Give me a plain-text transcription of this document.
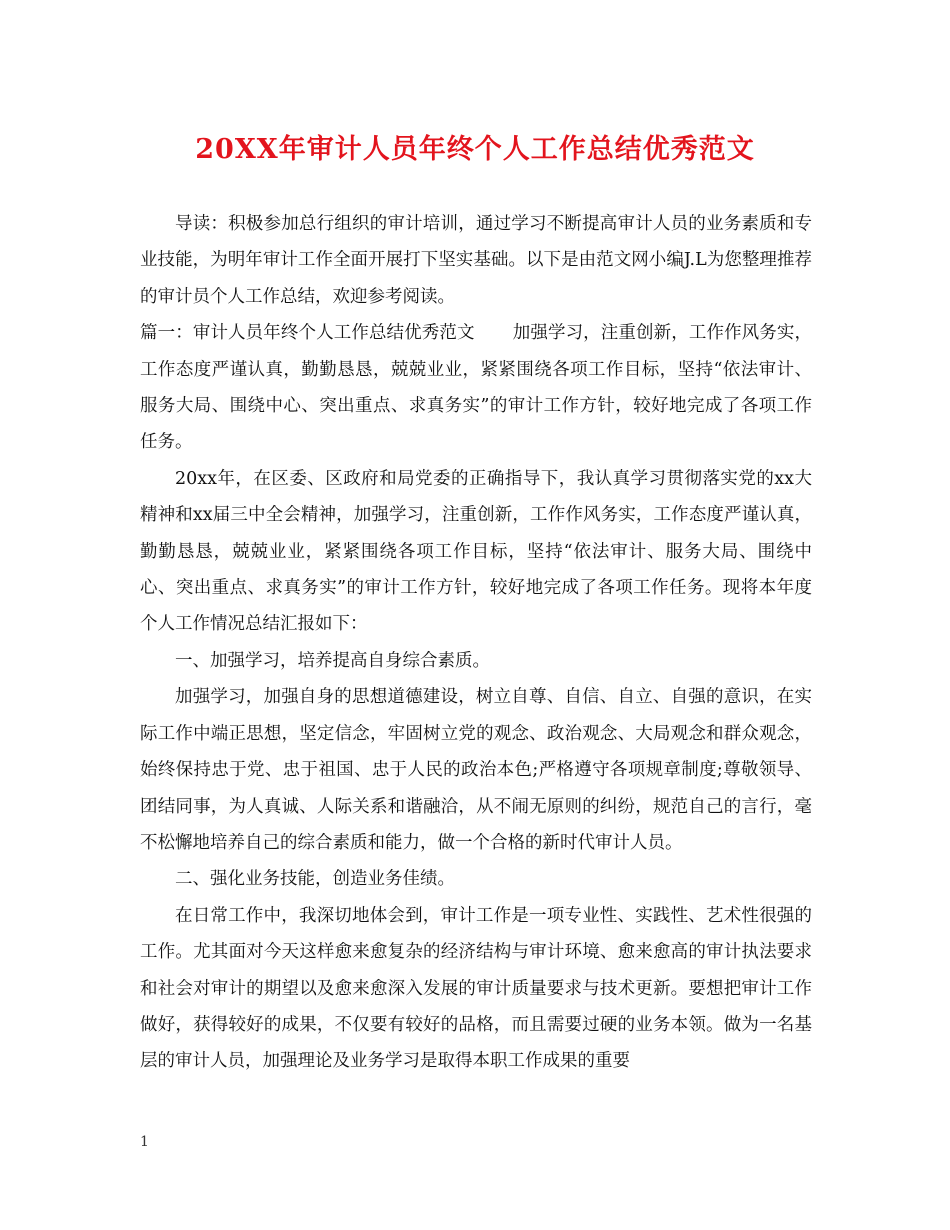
20XX年审计人员年终个人工作总结优秀范文

导读：积极参加总行组织的审计培训，通过学习不断提高审计人员的业务素质和专业技能，为明年审计工作全面开展打下坚实基础。以下是由范文网小编J.L为您整理推荐的审计员个人工作总结，欢迎参考阅读。

篇一：审计人员年终个人工作总结优秀范文 加强学习，注重创新，工作作风务实，工作态度严谨认真，勤勤恳恳，兢兢业业，紧紧围绕各项工作目标，坚持“依法审计、服务大局、围绕中心、突出重点、求真务实”的审计工作方针，较好地完成了各项工作任务。

20xx年，在区委、区政府和局党委的正确指导下，我认真学习贯彻落实党的xx大精神和xx届三中全会精神，加强学习，注重创新，工作作风务实，工作态度严谨认真，勤勤恳恳，兢兢业业，紧紧围绕各项工作目标，坚持“依法审计、服务大局、围绕中心、突出重点、求真务实”的审计工作方针，较好地完成了各项工作任务。现将本年度个人工作情况总结汇报如下：

一、加强学习，培养提高自身综合素质。

加强学习，加强自身的思想道德建设，树立自尊、自信、自立、自强的意识，在实际工作中端正思想，坚定信念，牢固树立党的观念、政治观念、大局观念和群众观念，始终保持忠于党、忠于祖国、忠于人民的政治本色;严格遵守各项规章制度;尊敬领导、团结同事，为人真诚、人际关系和谐融洽，从不闹无原则的纠纷，规范自己的言行，毫不松懈地培养自己的综合素质和能力，做一个合格的新时代审计人员。

二、强化业务技能，创造业务佳绩。

在日常工作中，我深切地体会到，审计工作是一项专业性、实践性、艺术性很强的工作。尤其面对今天这样愈来愈复杂的经济结构与审计环境、愈来愈高的审计执法要求和社会对审计的期望以及愈来愈深入发展的审计质量要求与技术更新。要想把审计工作做好，获得较好的成果，不仅要有较好的品格，而且需要过硬的业务本领。做为一名基层的审计人员，加强理论及业务学习是取得本职工作成果的重要

1
